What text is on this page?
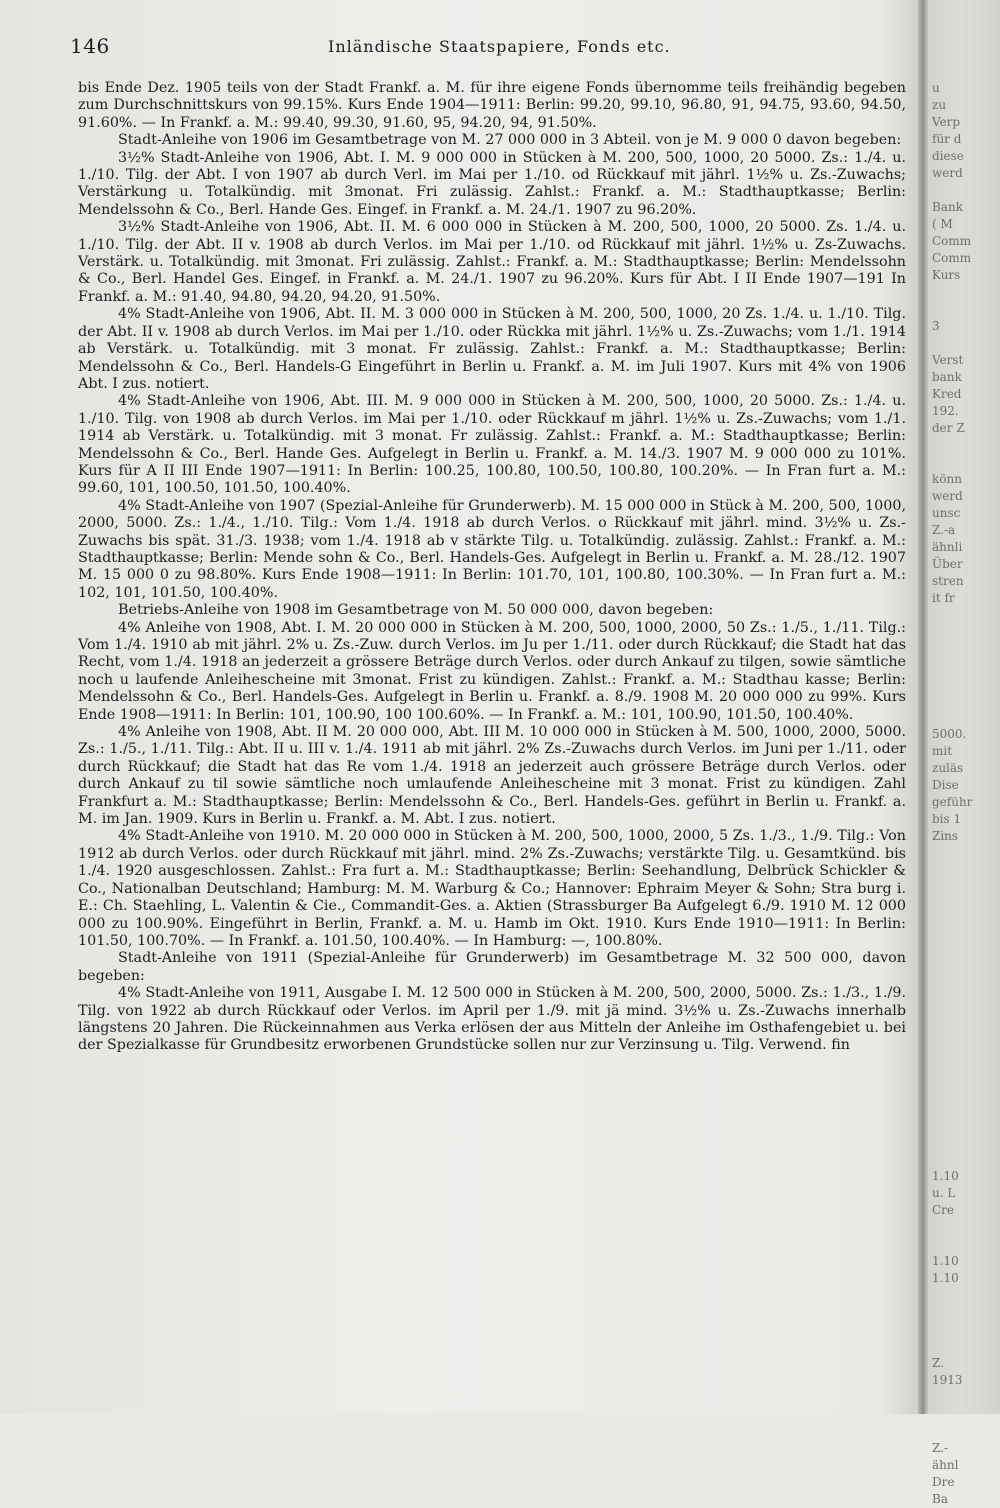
146	Inländische Staatspapiere, Fonds etc.

bis Ende Dez. 1905 teils von der Stadt Frankf. a. M. für ihre eigene Fonds übernomme teils freihändig begeben zum Durchschnittskurs von 99.15%. Kurs Ende 1904—1911: Berlin: 99.20, 99.10, 96.80, 91, 94.75, 93.60, 94.50, 91.60%. — In Frankf. a. M.: 99.40, 99.30, 91.60, 95, 94.20, 94, 91.50%.

Stadt-Anleihe von 1906 im Gesamtbetrage von M. 27 000 000 in 3 Abteil. von je M. 9 000 0 davon begeben:

3½% Stadt-Anleihe von 1906, Abt. I. M. 9 000 000 in Stücken à M. 200, 500, 1000, 20 5000. Zs.: 1./4. u. 1./10. Tilg. der Abt. I von 1907 ab durch Verl. im Mai per 1./10. od Rückkauf mit jährl. 1½% u. Zs.-Zuwachs; Verstärkung u. Totalkündig. mit 3monat. Fri zulässig. Zahlst.: Frankf. a. M.: Stadthauptkasse; Berlin: Mendelssohn & Co., Berl. Hande Ges. Eingef. in Frankf. a. M. 24./1. 1907 zu 96.20%.

3½% Stadt-Anleihe von 1906, Abt. II. M. 6 000 000 in Stücken à M. 200, 500, 1000, 20 5000. Zs. 1./4. u. 1./10. Tilg. der Abt. II v. 1908 ab durch Verlos. im Mai per 1./10. od Rückkauf mit jährl. 1½% u. Zs-Zuwachs. Verstärk. u. Totalkündig. mit 3monat. Fri zulässig. Zahlst.: Frankf. a. M.: Stadthauptkasse; Berlin: Mendelssohn & Co., Berl. Handel Ges. Eingef. in Frankf. a. M. 24./1. 1907 zu 96.20%. Kurs für Abt. I II Ende 1907—191 In Frankf. a. M.: 91.40, 94.80, 94.20, 94.20, 91.50%.

4% Stadt-Anleihe von 1906, Abt. II. M. 3 000 000 in Stücken à M. 200, 500, 1000, 20 Zs. 1./4. u. 1./10. Tilg. der Abt. II v. 1908 ab durch Verlos. im Mai per 1./10. oder Rückka mit jährl. 1½% u. Zs.-Zuwachs; vom 1./1. 1914 ab Verstärk. u. Totalkündig. mit 3 monat. Fr zulässig. Zahlst.: Frankf. a. M.: Stadthauptkasse; Berlin: Mendelssohn & Co., Berl. Handels-G Eingeführt in Berlin u. Frankf. a. M. im Juli 1907. Kurs mit 4% von 1906 Abt. I zus. notiert.

4% Stadt-Anleihe von 1906, Abt. III. M. 9 000 000 in Stücken à M. 200, 500, 1000, 20 5000. Zs.: 1./4. u. 1./10. Tilg. von 1908 ab durch Verlos. im Mai per 1./10. oder Rückkauf m jährl. 1½% u. Zs.-Zuwachs; vom 1./1. 1914 ab Verstärk. u. Totalkündig. mit 3 monat. Fr zulässig. Zahlst.: Frankf. a. M.: Stadthauptkasse; Berlin: Mendelssohn & Co., Berl. Hande Ges. Aufgelegt in Berlin u. Frankf. a. M. 14./3. 1907 M. 9 000 000 zu 101%. Kurs für A II III Ende 1907—1911: In Berlin: 100.25, 100.80, 100.50, 100.80, 100.20%. — In Fran furt a. M.: 99.60, 101, 100.50, 101.50, 100.40%.

4% Stadt-Anleihe von 1907 (Spezial-Anleihe für Grunderwerb). M. 15 000 000 in Stück à M. 200, 500, 1000, 2000, 5000. Zs.: 1./4., 1./10. Tilg.: Vom 1./4. 1918 ab durch Verlos. o Rückkauf mit jährl. mind. 3½% u. Zs.-Zuwachs bis spät. 31./3. 1938; vom 1./4. 1918 ab v stärkte Tilg. u. Totalkündig. zulässig. Zahlst.: Frankf. a. M.: Stadthauptkasse; Berlin: Mende sohn & Co., Berl. Handels-Ges. Aufgelegt in Berlin u. Frankf. a. M. 28./12. 1907 M. 15 000 0 zu 98.80%. Kurs Ende 1908—1911: In Berlin: 101.70, 101, 100.80, 100.30%. — In Fran furt a. M.: 102, 101, 101.50, 100.40%.

Betriebs-Anleihe von 1908 im Gesamtbetrage von M. 50 000 000, davon begeben:

4% Anleihe von 1908, Abt. I. M. 20 000 000 in Stücken à M. 200, 500, 1000, 2000, 50 Zs.: 1./5., 1./11. Tilg.: Vom 1./4. 1910 ab mit jährl. 2% u. Zs.-Zuw. durch Verlos. im Ju per 1./11. oder durch Rückkauf; die Stadt hat das Recht, vom 1./4. 1918 an jederzeit a grössere Beträge durch Verlos. oder durch Ankauf zu tilgen, sowie sämtliche noch u laufende Anleihescheine mit 3monat. Frist zu kündigen. Zahlst.: Frankf. a. M.: Stadthau kasse; Berlin: Mendelssohn & Co., Berl. Handels-Ges. Aufgelegt in Berlin u. Frankf. a. 8./9. 1908 M. 20 000 000 zu 99%. Kurs Ende 1908—1911: In Berlin: 101, 100.90, 100 100.60%. — In Frankf. a. M.: 101, 100.90, 101.50, 100.40%.

4% Anleihe von 1908, Abt. II M. 20 000 000, Abt. III M. 10 000 000 in Stücken à M. 500, 1000, 2000, 5000. Zs.: 1./5., 1./11. Tilg.: Abt. II u. III v. 1./4. 1911 ab mit jährl. 2% Zs.-Zuwachs durch Verlos. im Juni per 1./11. oder durch Rückkauf; die Stadt hat das Re vom 1./4. 1918 an jederzeit auch grössere Beträge durch Verlos. oder durch Ankauf zu til sowie sämtliche noch umlaufende Anleihescheine mit 3 monat. Frist zu kündigen. Zahl Frankfurt a. M.: Stadthauptkasse; Berlin: Mendelssohn & Co., Berl. Handels-Ges. geführt in Berlin u. Frankf. a. M. im Jan. 1909. Kurs in Berlin u. Frankf. a. M. Abt. I zus. notiert.

4% Stadt-Anleihe von 1910. M. 20 000 000 in Stücken à M. 200, 500, 1000, 2000, 5 Zs. 1./3., 1./9. Tilg.: Von 1912 ab durch Verlos. oder durch Rückkauf mit jährl. mind. 2% Zs.-Zuwachs; verstärkte Tilg. u. Gesamtkünd. bis 1./4. 1920 ausgeschlossen. Zahlst.: Fra furt a. M.: Stadthauptkasse; Berlin: Seehandlung, Delbrück Schickler & Co., Nationalban Deutschland; Hamburg: M. M. Warburg & Co.; Hannover: Ephraim Meyer & Sohn; Stra burg i. E.: Ch. Staehling, L. Valentin & Cie., Commandit-Ges. a. Aktien (Strassburger Ba Aufgelegt 6./9. 1910 M. 12 000 000 zu 100.90%. Eingeführt in Berlin, Frankf. a. M. u. Hamb im Okt. 1910. Kurs Ende 1910—1911: In Berlin: 101.50, 100.70%. — In Frankf. a. 101.50, 100.40%. — In Hamburg: —, 100.80%.

Stadt-Anleihe von 1911 (Spezial-Anleihe für Grunderwerb) im Gesamtbetrage M. 32 500 000, davon begeben:

4% Stadt-Anleihe von 1911, Ausgabe I. M. 12 500 000 in Stücken à M. 200, 500, 2000, 5000. Zs.: 1./3., 1./9. Tilg. von 1922 ab durch Rückkauf oder Verlos. im April per 1./9. mit jä mind. 3½% u. Zs.-Zuwachs innerhalb längstens 20 Jahren. Die Rückeinnahmen aus Verka erlösen der aus Mitteln der Anleihe im Osthafengebiet u. bei der Spezialkasse für Grundbesitz erworbenen Grundstücke sollen nur zur Verzinsung u. Tilg. Verwend. fin

u
zu
Verp
für d
diese
werd
Bank
( M
Comm
Comm
Kurs
3
Verst
bank
Kred
192.
der Z
könn
werd
unsc
Z.-a
ähnli
Über
stren
it fr
5000.
mit
zuläs
Dise
geführ
bis 1
Zins
1.10
u. L
Cre
1.10
1.10
Z.
1913
Z.-
ähnl
Dre
Ba
